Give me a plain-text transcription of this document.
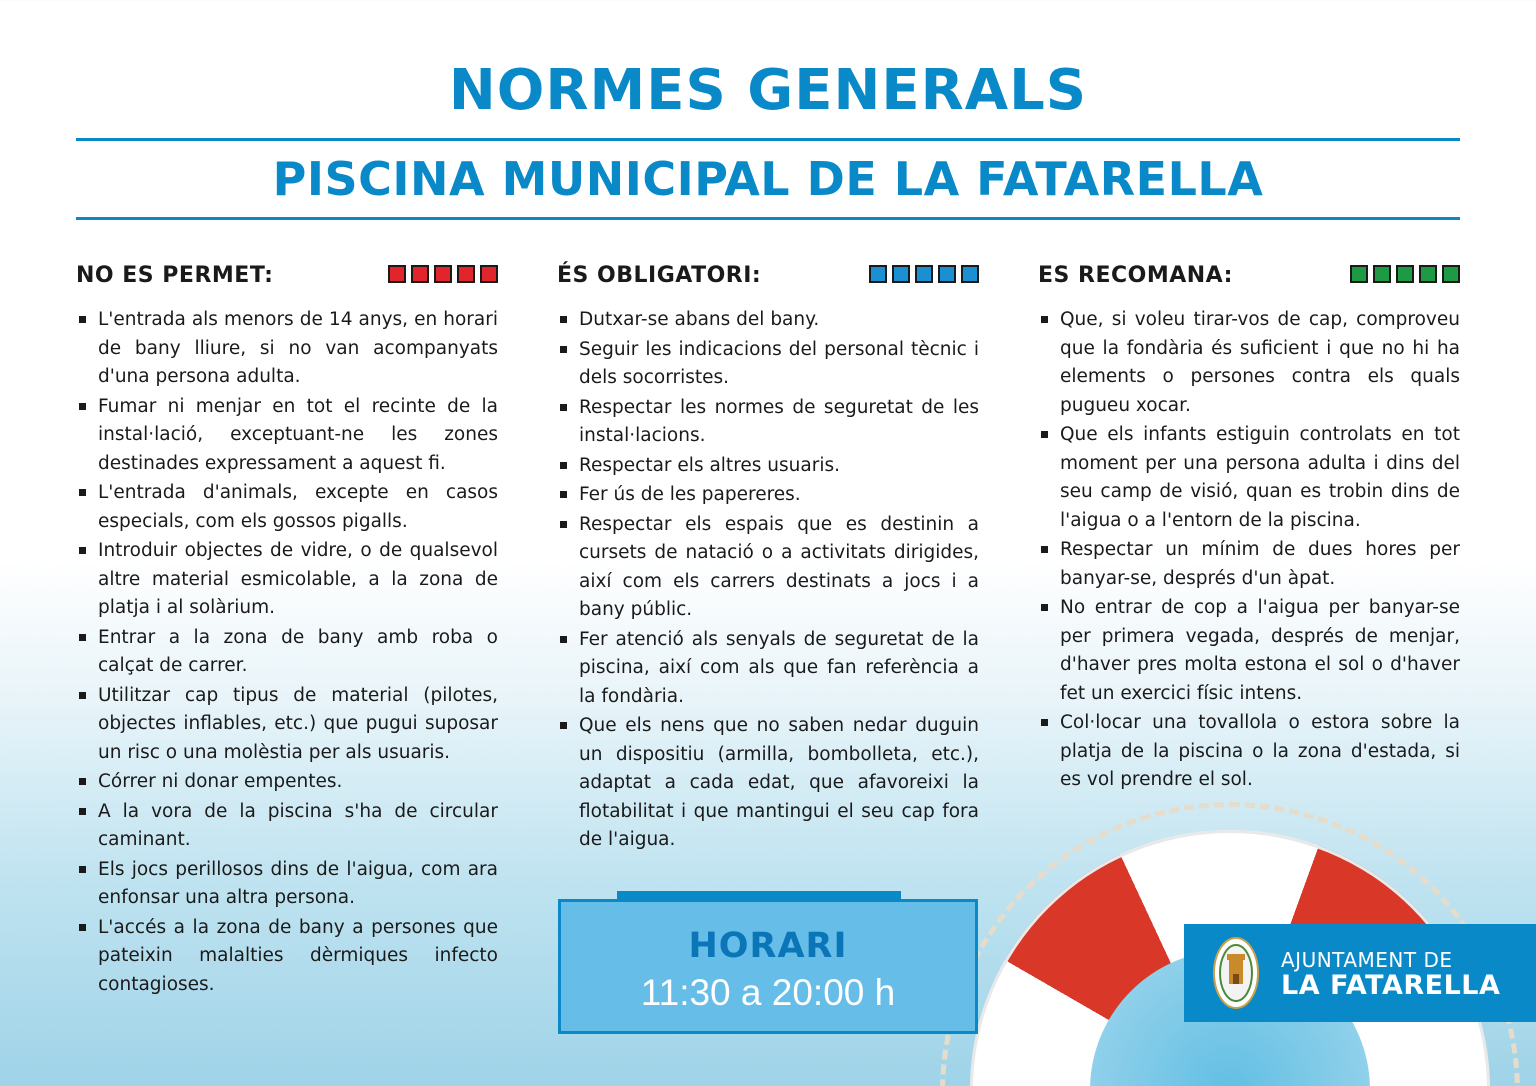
NORMES GENERALS
PISCINA MUNICIPAL DE LA FATARELLA
NO ES PERMET:
L'entrada als menors de 14 anys, en horari de bany lliure, si no van acompanyats d'una persona adulta.
Fumar ni menjar en tot el recinte de la instal·lació, exceptuant-ne les zones destinades expressament a aquest fi.
L'entrada d'animals, excepte en casos especials, com els gossos pigalls.
Introduir objectes de vidre, o de qualsevol altre material esmicolable, a la zona de platja i al solàrium.
Entrar a la zona de bany amb roba o calçat de carrer.
Utilitzar cap tipus de material (pilotes, objectes inflables, etc.) que pugui suposar un risc o una molèstia per als usuaris.
Córrer ni donar empentes.
A la vora de la piscina s'ha de circular caminant.
Els jocs perillosos dins de l'aigua, com ara enfonsar una altra persona.
L'accés a la zona de bany a persones que pateixin malalties dèrmiques infecto contagioses.
ÉS OBLIGATORI:
Dutxar-se abans del bany.
Seguir les indicacions del personal tècnic i dels socorristes.
Respectar les normes de seguretat de les instal·lacions.
Respectar els altres usuaris.
Fer ús de les papereres.
Respectar els espais que es destinin a cursets de natació o a activitats dirigides, així com els carrers destinats a jocs i a bany públic.
Fer atenció als senyals de seguretat de la piscina, així com als que fan referència a la fondària.
Que els nens que no saben nedar duguin un dispositiu (armilla, bombolleta, etc.), adaptat a cada edat, que afavoreixi la flotabilitat i que mantingui el seu cap fora de l'aigua.
ES RECOMANA:
Que, si voleu tirar-vos de cap, comproveu que la fondària és suficient i que no hi ha elements o persones contra els quals pugueu xocar.
Que els infants estiguin controlats en tot moment per una persona adulta i dins del seu camp de visió, quan es trobin dins de l'aigua o a l'entorn de la piscina.
Respectar un mínim de dues hores per banyar-se, després d'un àpat.
No entrar de cop a l'aigua per banyar-se per primera vegada, després de menjar, d'haver pres molta estona el sol o d'haver fet un exercici físic intens.
Col·locar una tovallola o estora sobre la platja de la piscina o la zona d'estada, si es vol prendre el sol.
HORARI
11:30 a 20:00 h
AJUNTAMENT DE
LA FATARELLA
